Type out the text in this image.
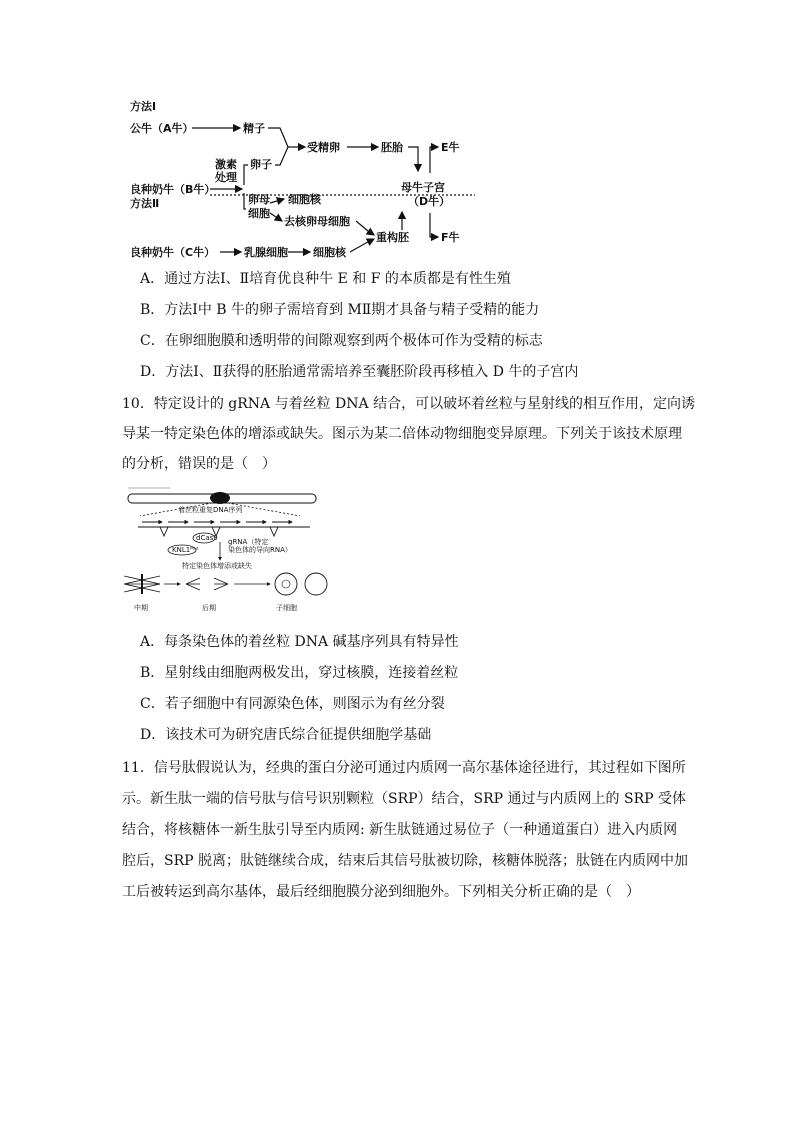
方法Ⅰ
公牛（A牛）	精子
受精卵	胚胎	E牛
激素
处理
卵子
良种奶牛（B牛）	母牛子宫
（D牛）
方法Ⅱ	卵母
细胞
细胞核
去核卵母细胞
重构胚	F牛
良种奶牛（C牛）	乳腺细胞 细胞核
A．通过方法Ⅰ、Ⅱ培育优良种牛 E 和 F 的本质都是有性生殖
B．方法Ⅰ中 B 牛的卵子需培育到 MⅡ期才具备与精子受精的能力
C．在卵细胞膜和透明带的间隙观察到两个极体可作为受精的标志
D．方法Ⅰ、Ⅱ获得的胚胎通常需培养至囊胚阶段再移植入 D 牛的子宫内
10．特定设计的 gRNA 与着丝粒 DNA 结合，可以破坏着丝粒与星射线的相互作用，定向诱
导某一特定染色体的增添或缺失。图示为某二倍体动物细胞变异原理。下列关于该技术原理
的分析，错误的是（　）
着丝粒重复DNA序列
dCas9
KNL1ᴹᵘᵗ
gRNA（特定
染色体的导向RNA）
特定染色体增添或缺失
中期	后期	子细胞
A．每条染色体的着丝粒 DNA 碱基序列具有特异性
B．星射线由细胞两极发出，穿过核膜，连接着丝粒
C．若子细胞中有同源染色体，则图示为有丝分裂
D．该技术可为研究唐氏综合征提供细胞学基础
11．信号肽假说认为，经典的蛋白分泌可通过内质网一高尔基体途径进行，其过程如下图所
示。新生肽一端的信号肽与信号识别颗粒（SRP）结合，SRP 通过与内质网上的 SRP 受体
结合，将核糖体一新生肽引导至内质网: 新生肽链通过易位子（一种通道蛋白）进入内质网
腔后，SRP 脱离；肽链继续合成，结束后其信号肽被切除，核糖体脱落；肽链在内质网中加
工后被转运到高尔基体，最后经细胞膜分泌到细胞外。下列相关分析正确的是（　）
